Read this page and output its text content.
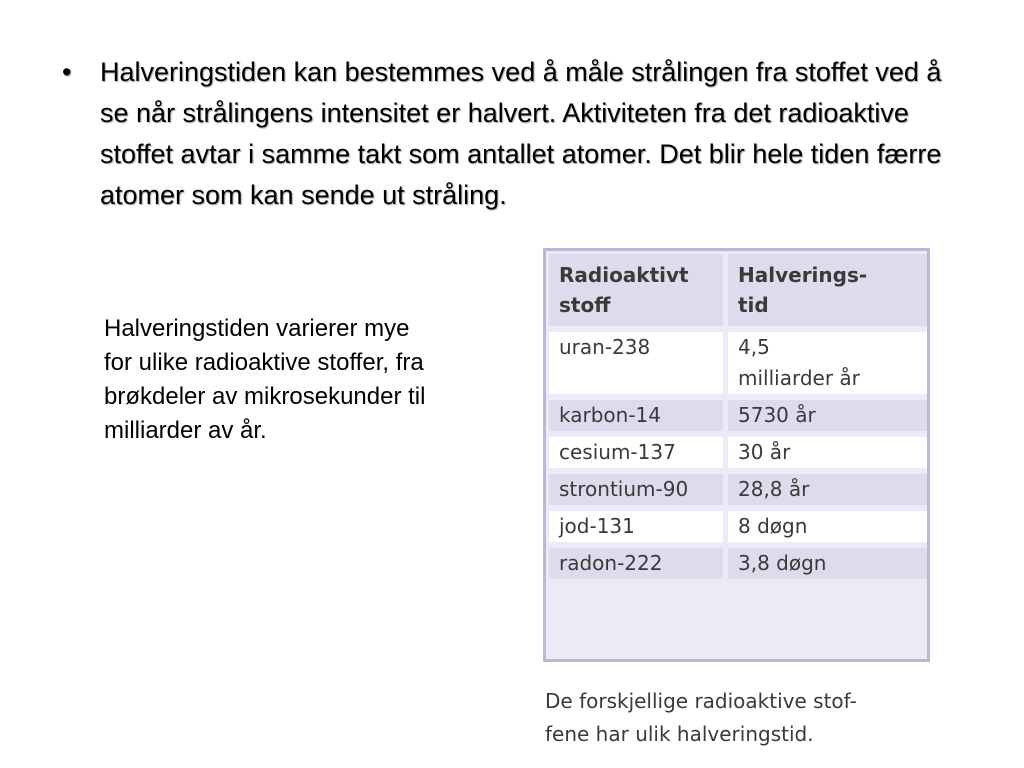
•	Halveringstiden kan bestemmes ved å måle strålingen fra stoffet ved å se når strålingens intensitet er halvert. Aktiviteten fra det radioaktive stoffet avtar i samme takt som antallet atomer. Det blir hele tiden færre atomer som kan sende ut stråling.
Halveringstiden varierer mye for ulike radioaktive stoffer, fra brøkdeler av mikrosekunder til milliarder av år.
Radioaktivt
stoff	Halverings-
tid
uran-238	4,5
milliarder år
karbon-14	5730 år
cesium-137	30 år
strontium-90	28,8 år
jod-131	8 døgn
radon-222	3,8 døgn
De forskjellige radioaktive stof-
fene har ulik halveringstid.
